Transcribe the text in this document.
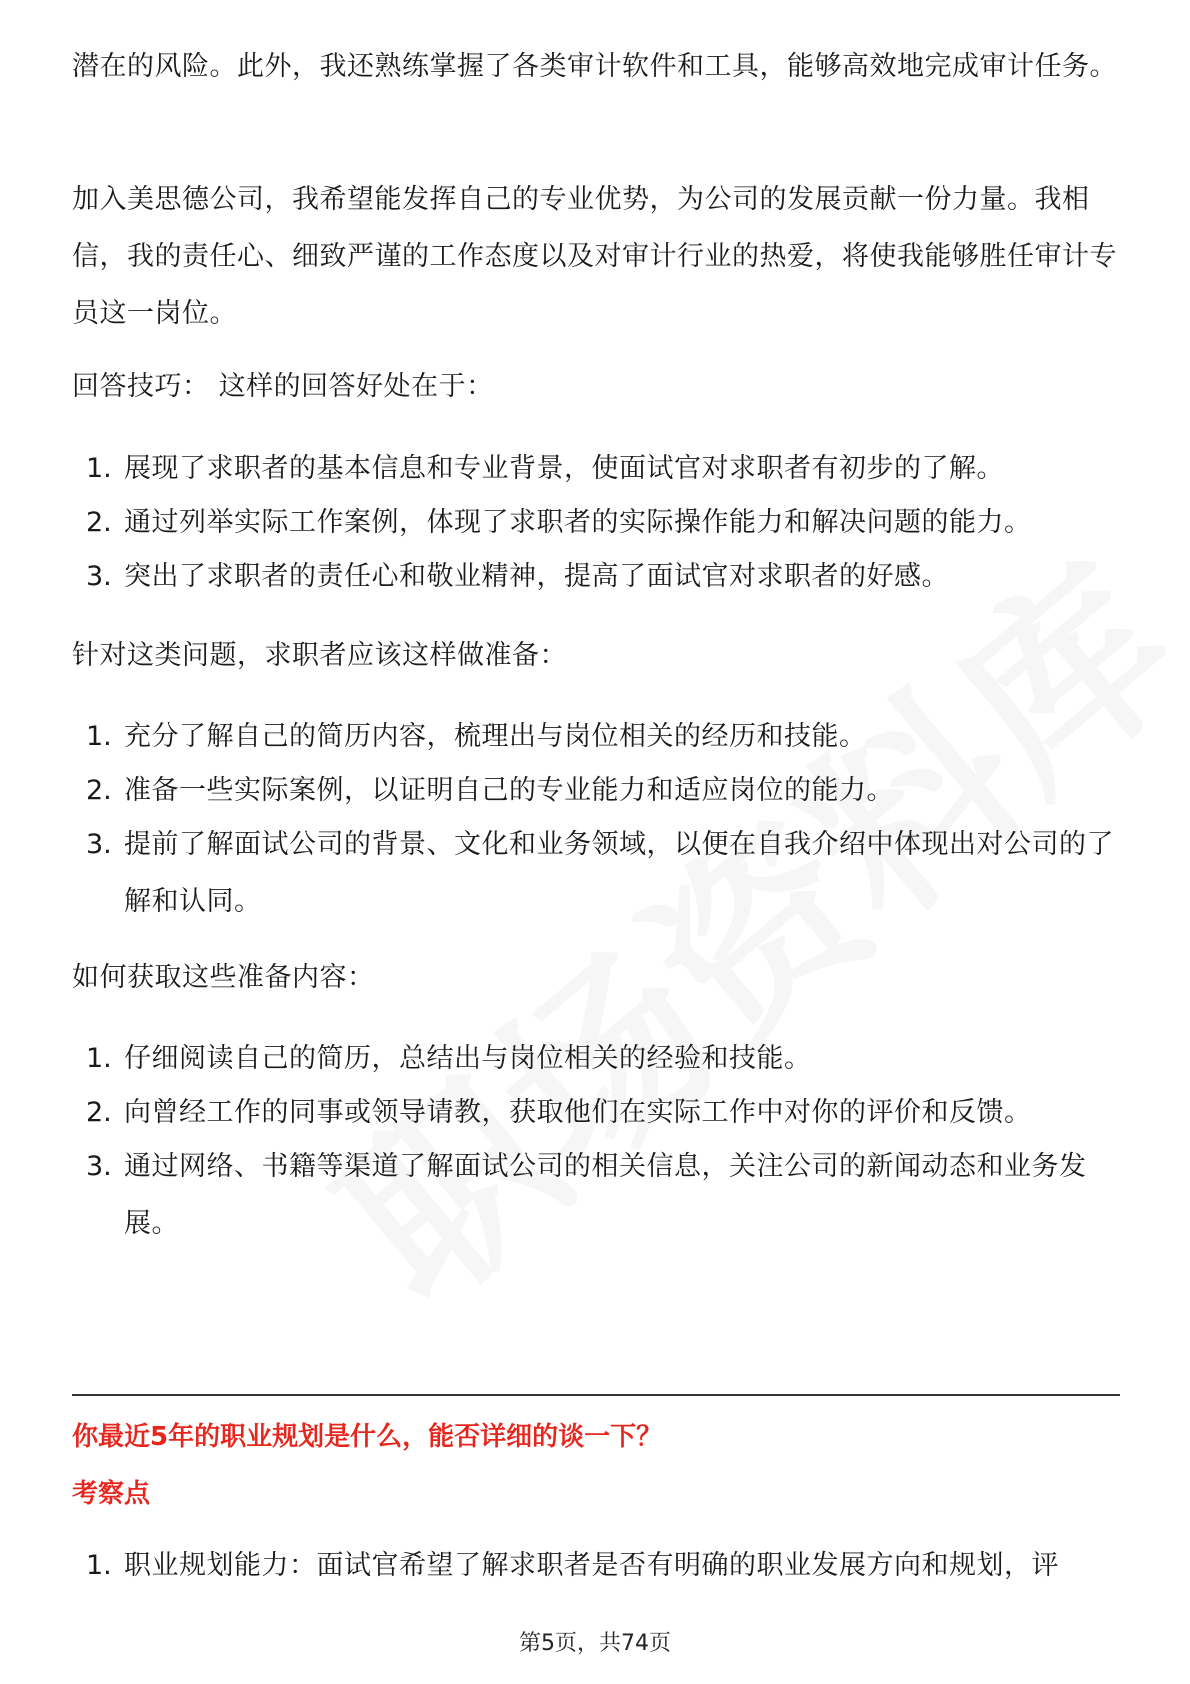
潜在的风险。此外，我还熟练掌握了各类审计软件和工具，能够高效地完成审计任务。

加入美思德公司，我希望能发挥自己的专业优势，为公司的发展贡献一份力量。我相信，我的责任心、细致严谨的工作态度以及对审计行业的热爱，将使我能够胜任审计专员这一岗位。

回答技巧： 这样的回答好处在于：

1. 展现了求职者的基本信息和专业背景，使面试官对求职者有初步的了解。
2. 通过列举实际工作案例，体现了求职者的实际操作能力和解决问题的能力。
3. 突出了求职者的责任心和敬业精神，提高了面试官对求职者的好感。

针对这类问题，求职者应该这样做准备：

1. 充分了解自己的简历内容，梳理出与岗位相关的经历和技能。
2. 准备一些实际案例，以证明自己的专业能力和适应岗位的能力。
3. 提前了解面试公司的背景、文化和业务领域，以便在自我介绍中体现出对公司的了解和认同。

如何获取这些准备内容：

1. 仔细阅读自己的简历，总结出与岗位相关的经验和技能。
2. 向曾经工作的同事或领导请教，获取他们在实际工作中对你的评价和反馈。
3. 通过网络、书籍等渠道了解面试公司的相关信息，关注公司的新闻动态和业务发展。
你最近5年的职业规划是什么，能否详细的谈一下？
考察点
1. 职业规划能力：面试官希望了解求职者是否有明确的职业发展方向和规划，评
第5页，共74页
